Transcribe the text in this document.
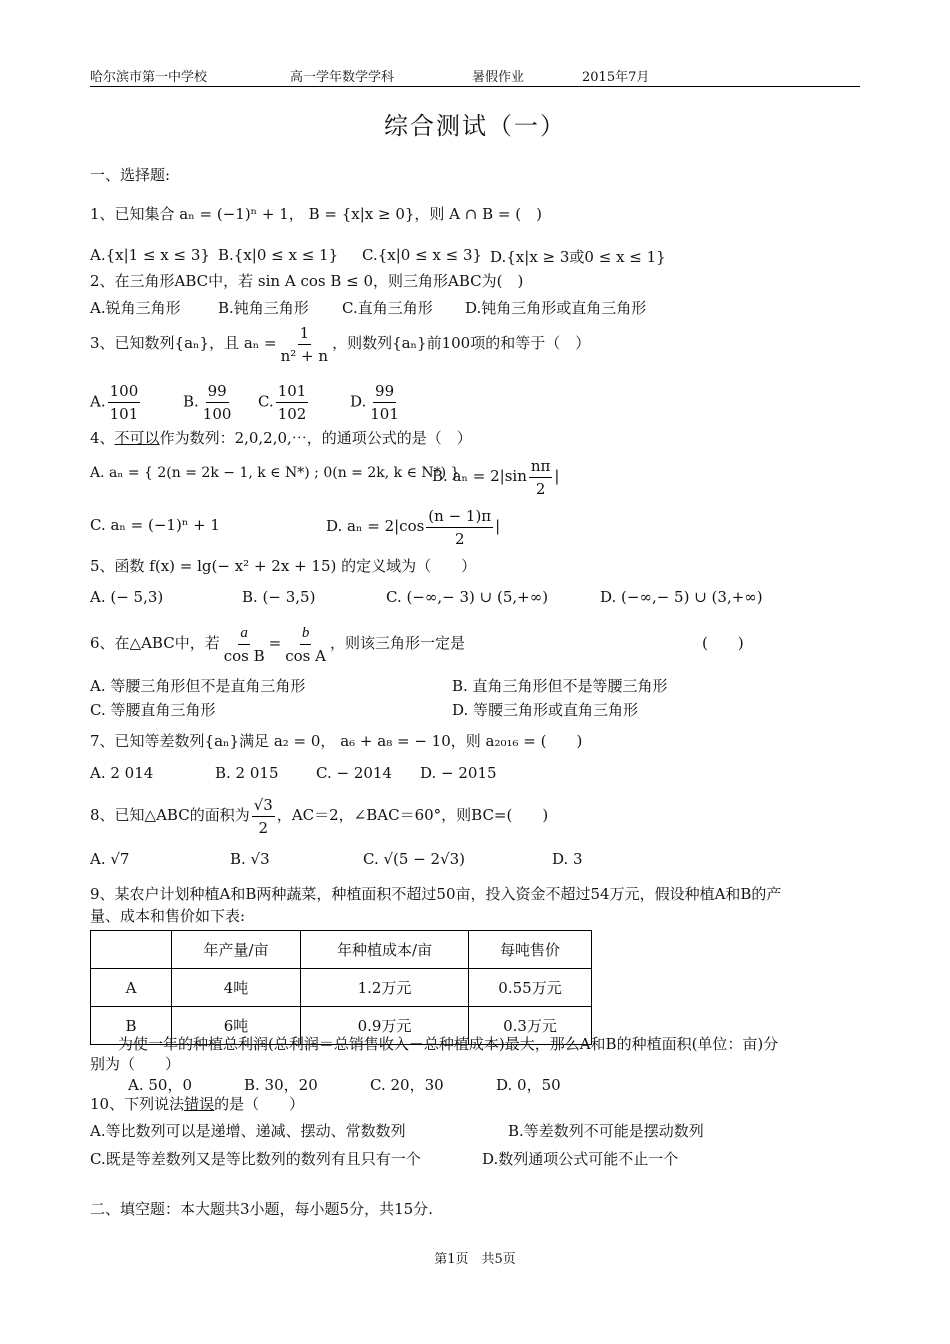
哈尔滨市第一中学校	高一学年数学学科	暑假作业	2015年7月
综合测试（一）
一、选择题:
1、已知集合 aₙ = (−1)ⁿ + 1， B = {x|x ≥ 0}，则 A ∩ B = (　)
A.{x|1 ≤ x ≤ 3} B.{x|0 ≤ x ≤ 1} C.{x|0 ≤ x ≤ 3} D.{x|x ≥ 3或0 ≤ x ≤ 1}
2、在三角形ABC中，若 sin A cos B ≤ 0，则三角形ABC为(　)
A.锐角三角形 B.钝角三角形 C.直角三角形 D.钝角三角形或直角三角形
3、已知数列{aₙ}，且 $a_n = \frac{1}{\text{n² + n}}$ ，则数列{aₙ}前100项的和等于（　）
A. $\frac{100}{101}$	B. $\frac{99}{100} C$. $\frac{101}{102}$	D. $\frac{99}{101}$
4、不可以作为数列：2,0,2,0,⋯，的通项公式的是（　）
A. aₙ = { 2(n = 2k − 1, k ∈ N*) ; 0(n = 2k, k ∈ N*) }
B. $a_n = 2|\sin \frac{n\pi}{2}$ |
C. aₙ = (−1)ⁿ + 1	D. $a_n = 2|\cos \frac{(n - 1)\pi}{2}$ |
5、函数 f(x) = lg(− x² + 2x + 15) 的定义域为（　　）
A. (− 5,3)	B. (− 3,5)	C. (−∞,− 3) ∪ (5,+∞)	D. (−∞,− 5) ∪ (3,+∞)
6、在△ABC中，若 $\frac{a}{\text{cos B}} = \frac{b}{\text{cos A}}$ ，则该三角形一定是	(　　)
A. 等腰三角形但不是直角三角形	B. 直角三角形但不是等腰三角形
C. 等腰直角三角形	D. 等腰三角形或直角三角形
7、已知等差数列{aₙ}满足 a₂ = 0， a₆ + a₈ = − 10，则 a₂₀₁₆ = (　　)
A. 2 014	B. 2 015 C. − 2014 D. − 2015
8、已知△ABC的面积为 $\frac{√3}{2}$ ，AC＝2，∠BAC＝60°，则BC=(　　)
A. √7	B. √3	C. √(5 − 2√3)	D. 3
9、某农户计划种植A和B两种蔬菜，种植面积不超过50亩，投入资金不超过54万元，假设种植A和B的产
量、成本和售价如下表:
	年产量/亩	年种植成本/亩	每吨售价
A	4吨	1.2万元	0.55万元
B	6吨	0.9万元	0.3万元
为使一年的种植总利润(总利润＝总销售收入－总种植成本)最大，那么A和B的种植面积(单位：亩)分
别为（　　）
A. 50，0	B. 30，20	C. 20，30	D. 0，50
10、下列说法错误的是（　　）
A.等比数列可以是递增、递减、摆动、常数数列	B.等差数列不可能是摆动数列
C.既是等差数列又是等比数列的数列有且只有一个	D.数列通项公式可能不止一个
二、填空题：本大题共3小题，每小题5分，共15分.
第1页　共5页
